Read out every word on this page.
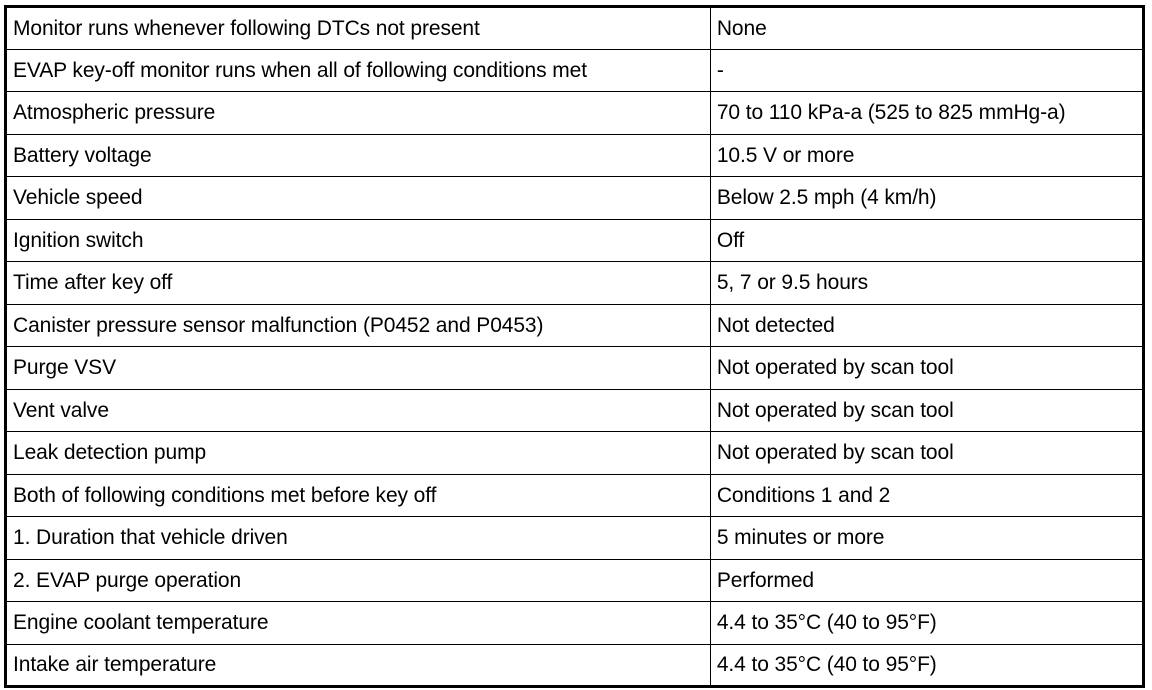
Monitor runs whenever following DTCs not present	None
EVAP key-off monitor runs when all of following conditions met	-
Atmospheric pressure	70 to 110 kPa-a (525 to 825 mmHg-a)
Battery voltage	10.5 V or more
Vehicle speed	Below 2.5 mph (4 km/h)
Ignition switch	Off
Time after key off	5, 7 or 9.5 hours
Canister pressure sensor malfunction (P0452 and P0453)	Not detected
Purge VSV	Not operated by scan tool
Vent valve	Not operated by scan tool
Leak detection pump	Not operated by scan tool
Both of following conditions met before key off	Conditions 1 and 2
1. Duration that vehicle driven	5 minutes or more
2. EVAP purge operation	Performed
Engine coolant temperature	4.4 to 35°C (40 to 95°F)
Intake air temperature	4.4 to 35°C (40 to 95°F)
